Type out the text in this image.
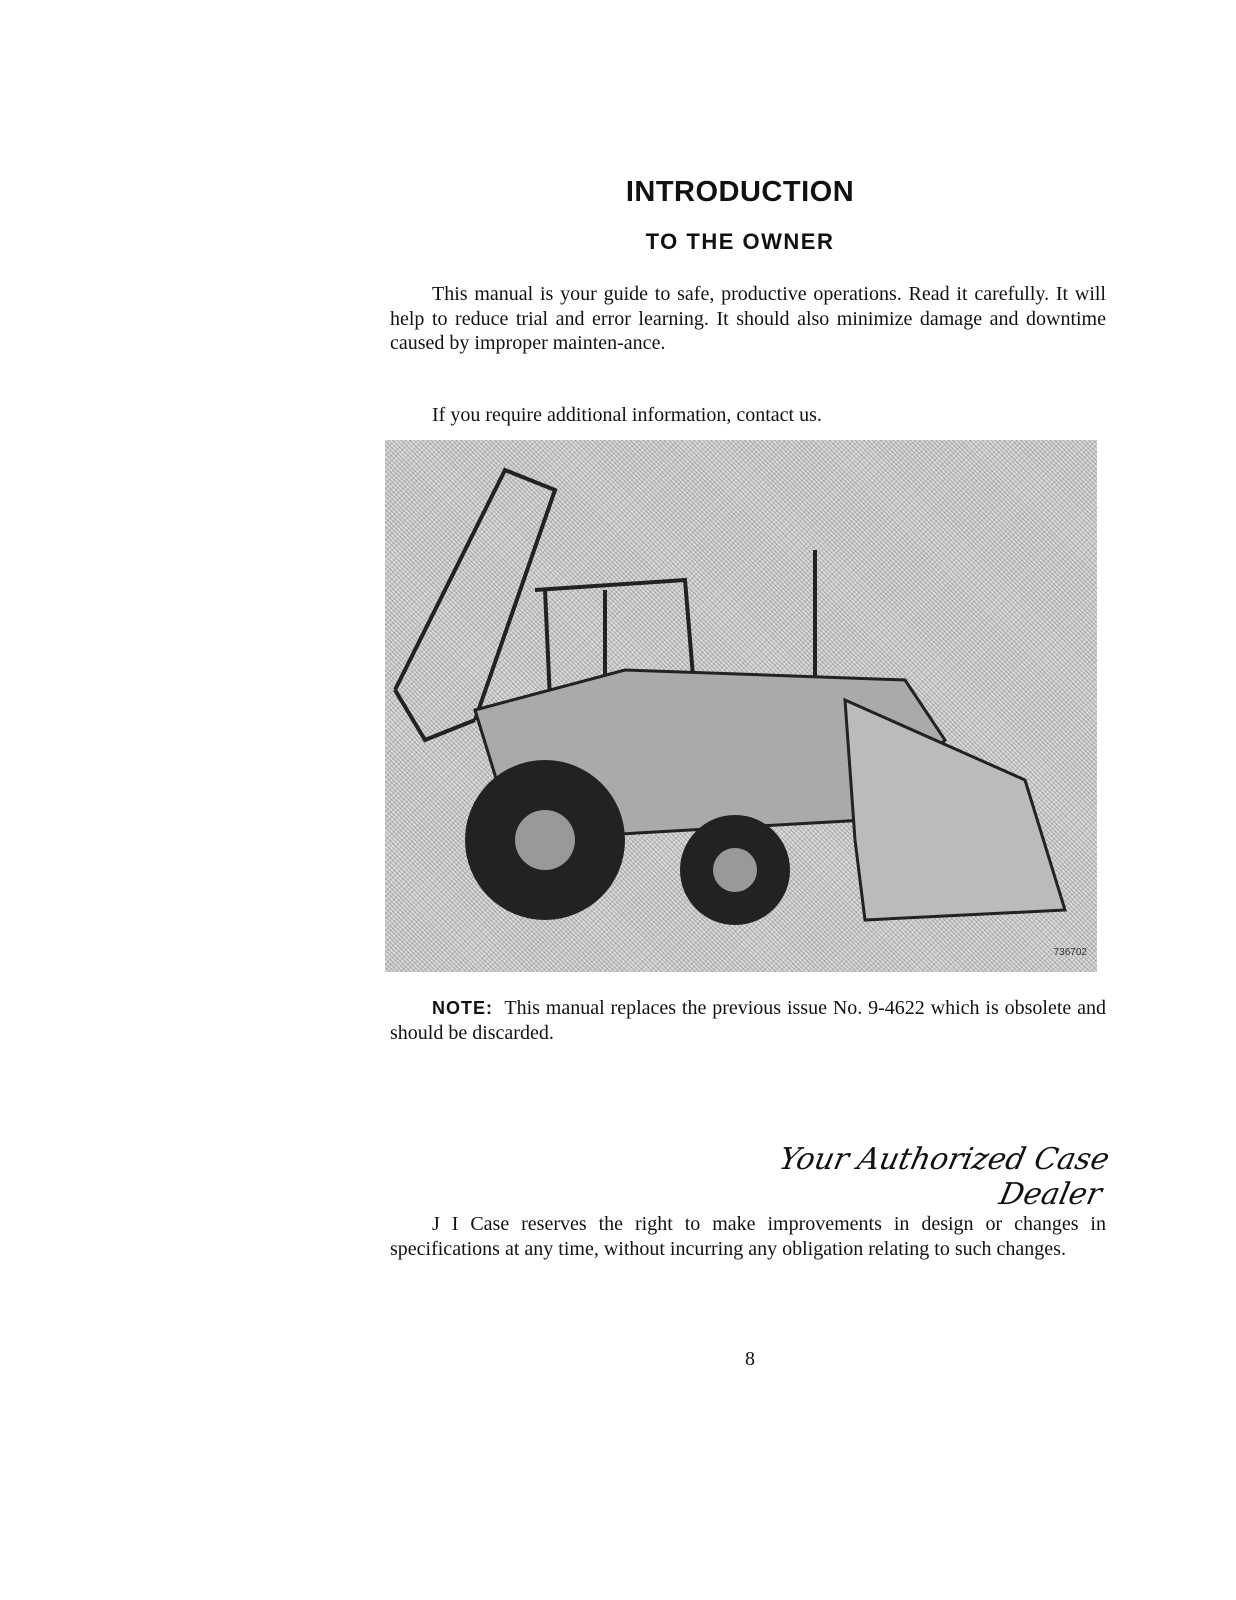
INTRODUCTION
TO THE OWNER

This manual is your guide to safe, productive operations. Read it carefully. It will help to reduce trial and error learning. It should also minimize damage and downtime caused by improper mainten-ance.

If you require additional information, contact us.

736702

NOTE: This manual replaces the previous issue No. 9-4622 which is obsolete and should be discarded.

Your Authorized Case Dealer

J I Case reserves the right to make improvements in design or changes in specifications at any time, without incurring any obligation relating to such changes.

8
